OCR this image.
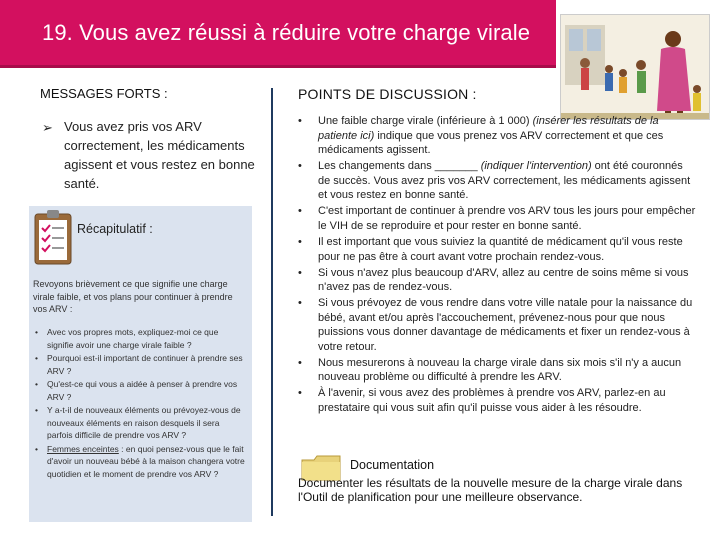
19. Vous avez réussi à réduire votre charge virale
MESSAGES FORTS :
➢ Vous avez pris vos ARV correctement, les médicaments agissent et vous restez en bonne santé.
Récapitulatif :
Revoyons brièvement ce que signifie une charge virale faible, et vos plans pour continuer à prendre vos ARV :
• Avec vos propres mots, expliquez-moi ce que signifie avoir une charge virale faible ?
• Pourquoi est-il important de continuer à prendre ses ARV ?
• Qu'est-ce qui vous a aidée à penser à prendre vos ARV ?
• Y a-t-il de nouveaux éléments ou prévoyez-vous de nouveaux éléments en raison desquels il sera parfois difficile de prendre vos ARV ?
• Femmes enceintes : en quoi pensez-vous que le fait d'avoir un nouveau bébé à la maison changera votre quotidien et le moment de prendre vos ARV ?
POINTS DE DISCUSSION :
• Une faible charge virale (inférieure à 1 000) (insérer les résultats de la patiente ici) indique que vous prenez vos ARV correctement et que ces médicaments agissent.
• Les changements dans _______ (indiquer l'intervention) ont été couronnés de succès. Vous avez pris vos ARV correctement, les médicaments agissent et vous restez en bonne santé.
• C'est important de continuer à prendre vos ARV tous les jours pour empêcher le VIH de se reproduire et pour rester en bonne santé.
• Il est important que vous suiviez la quantité de médicament qu'il vous reste pour ne pas être à court avant votre prochain rendez-vous.
• Si vous n'avez plus beaucoup d'ARV, allez au centre de soins même si vous n'avez pas de rendez-vous.
• Si vous prévoyez de vous rendre dans votre ville natale pour la naissance du bébé, avant et/ou après l'accouchement, prévenez-nous pour que nous puissions vous donner davantage de médicaments et fixer un rendez-vous à votre retour.
• Nous mesurerons à nouveau la charge virale dans six mois s'il n'y a aucun nouveau problème ou difficulté à prendre les ARV.
• À l'avenir, si vous avez des problèmes à prendre vos ARV, parlez-en au prestataire qui vous suit afin qu'il puisse vous aider à les résoudre.
Documentation
Documenter les résultats de la nouvelle mesure de la charge virale dans l'Outil de planification pour une meilleure observance.
